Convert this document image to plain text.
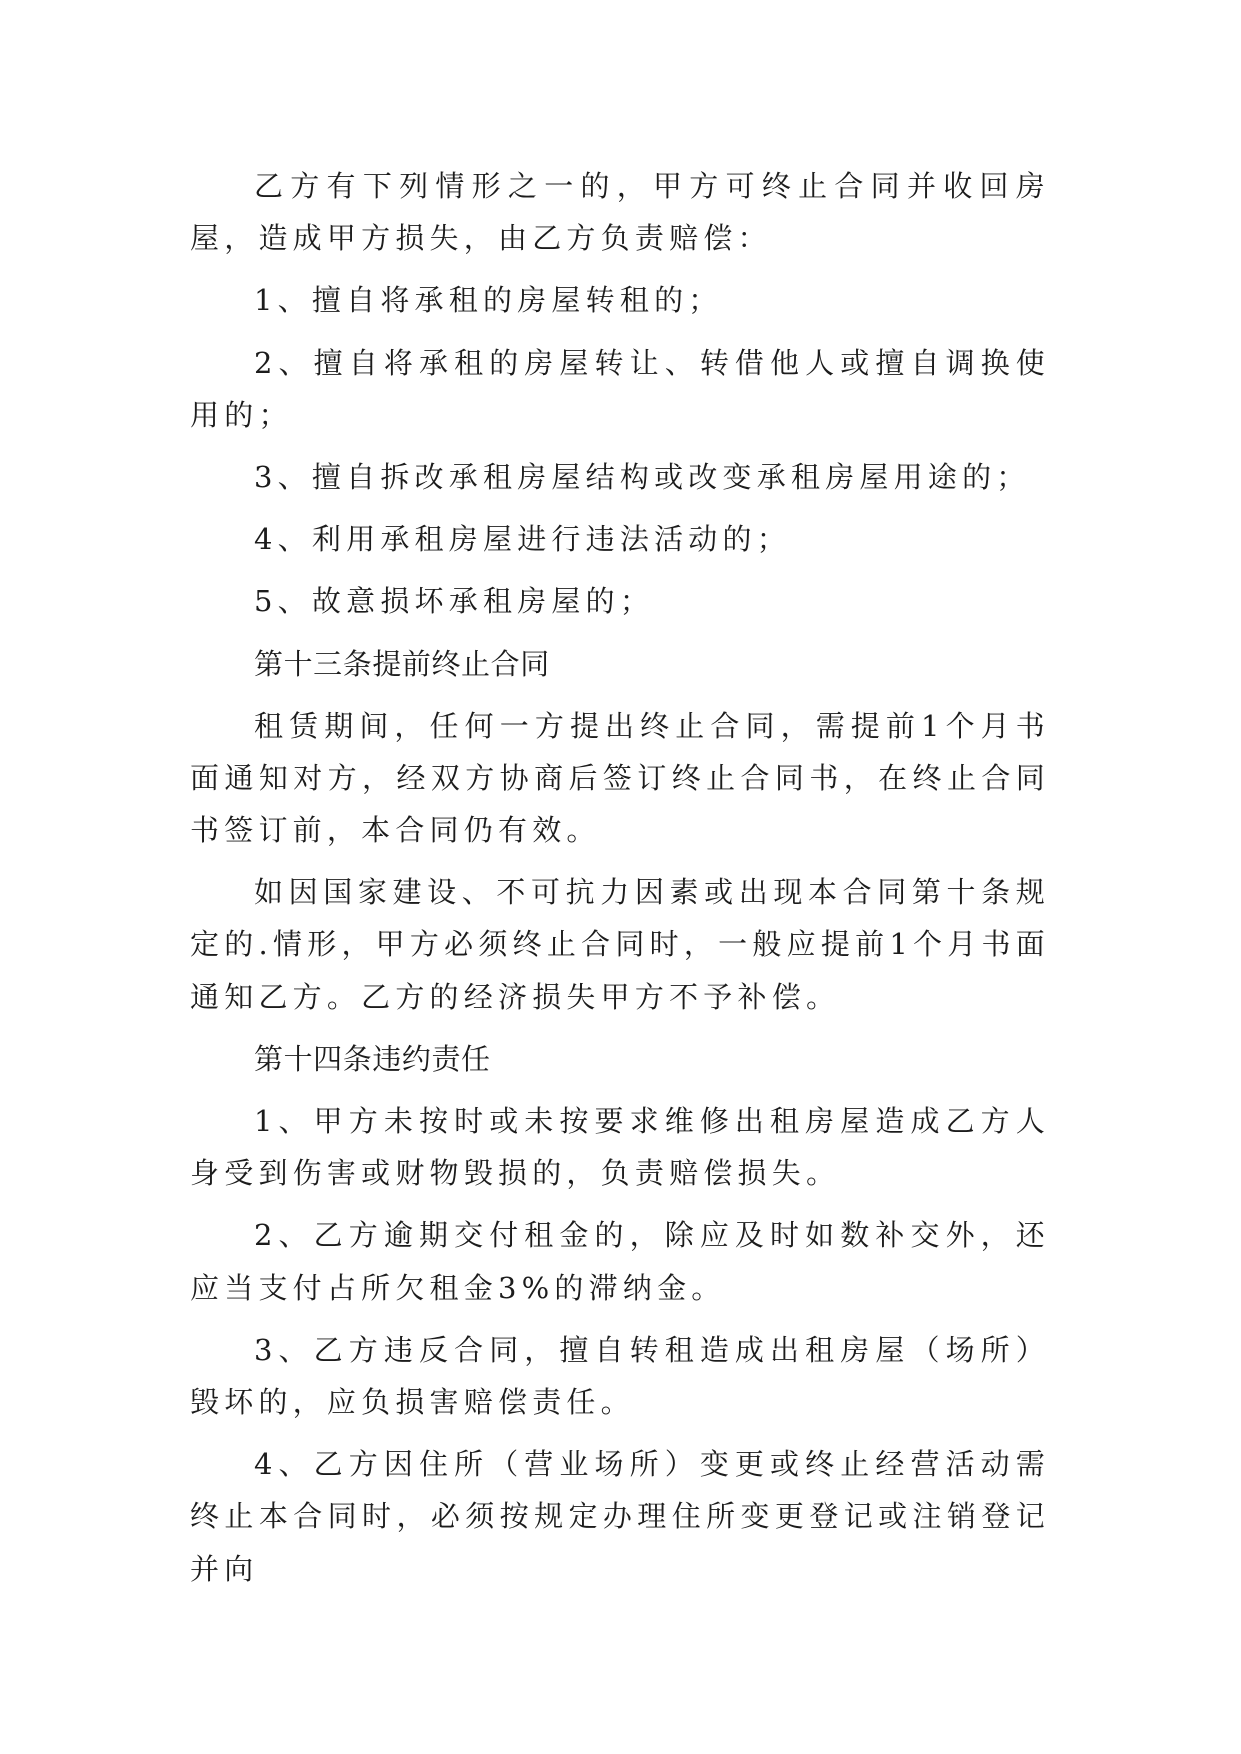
乙方有下列情形之一的，甲方可终止合同并收回房屋，造成甲方损失，由乙方负责赔偿：

1、擅自将承租的房屋转租的；

2、擅自将承租的房屋转让、转借他人或擅自调换使用的；

3、擅自拆改承租房屋结构或改变承租房屋用途的；

4、利用承租房屋进行违法活动的；

5、故意损坏承租房屋的；

第十三条提前终止合同

租赁期间，任何一方提出终止合同，需提前1个月书面通知对方，经双方协商后签订终止合同书，在终止合同书签订前，本合同仍有效。

如因国家建设、不可抗力因素或出现本合同第十条规定的.情形，甲方必须终止合同时，一般应提前1个月书面通知乙方。乙方的经济损失甲方不予补偿。

第十四条违约责任

1、甲方未按时或未按要求维修出租房屋造成乙方人身受到伤害或财物毁损的，负责赔偿损失。

2、乙方逾期交付租金的，除应及时如数补交外，还应当支付占所欠租金3%的滞纳金。

3、乙方违反合同，擅自转租造成出租房屋（场所）毁坏的，应负损害赔偿责任。

4、乙方因住所（营业场所）变更或终止经营活动需终止本合同时，必须按规定办理住所变更登记或注销登记并向
